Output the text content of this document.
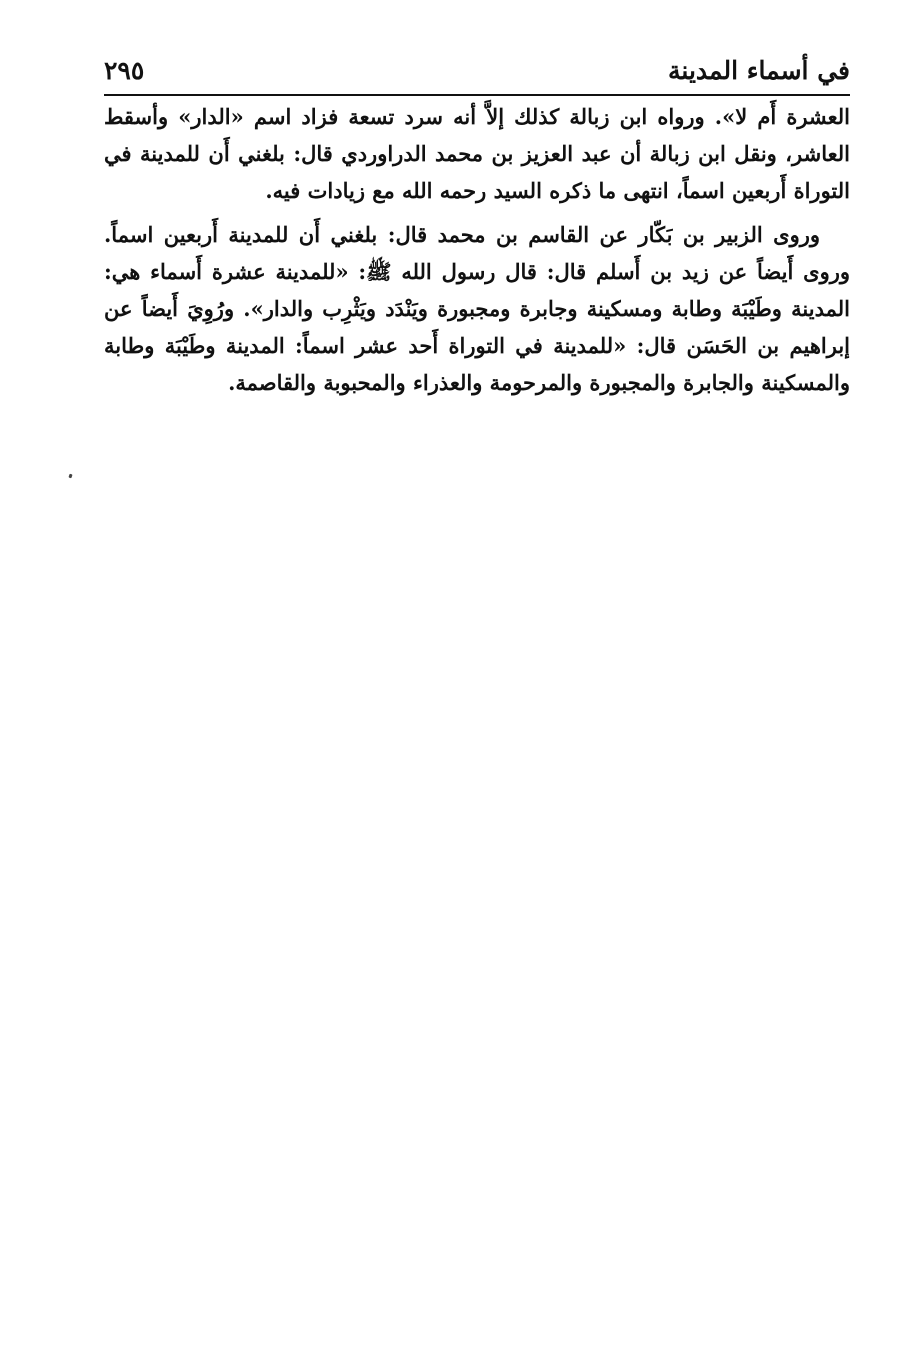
٢٩٥	في أسماء المدينة

العشرة أَم لا». ورواه ابن زبالة كذلك إلاَّ أنه سرد تسعة فزاد اسم «الدار» وأسقط العاشر، ونقل ابن زبالة أن عبد العزيز بن محمد الدراوردي قال: بلغني أَن للمدينة في التوراة أَربعين اسماً، انتهى ما ذكره السيد رحمه الله مع زيادات فيه.

وروى الزبير بن بَكّار عن القاسم بن محمد قال: بلغني أَن للمدينة أَربعين اسماً. وروى أَيضاً عن زيد بن أَسلم قال: قال رسول الله ﷺ: «للمدينة عشرة أَسماء هي: المدينة وطَيْبَة وطابة ومسكينة وجابرة ومجبورة ويَنْدَد ويَثْرِب والدار». ورُوِيَ أَيضاً عن إبراهيم بن الحَسَن قال: «للمدينة في التوراة أَحد عشر اسماً: المدينة وطَيْبَة وطابة والمسكينة والجابرة والمجبورة والمرحومة والعذراء والمحبوبة والقاصمة.
